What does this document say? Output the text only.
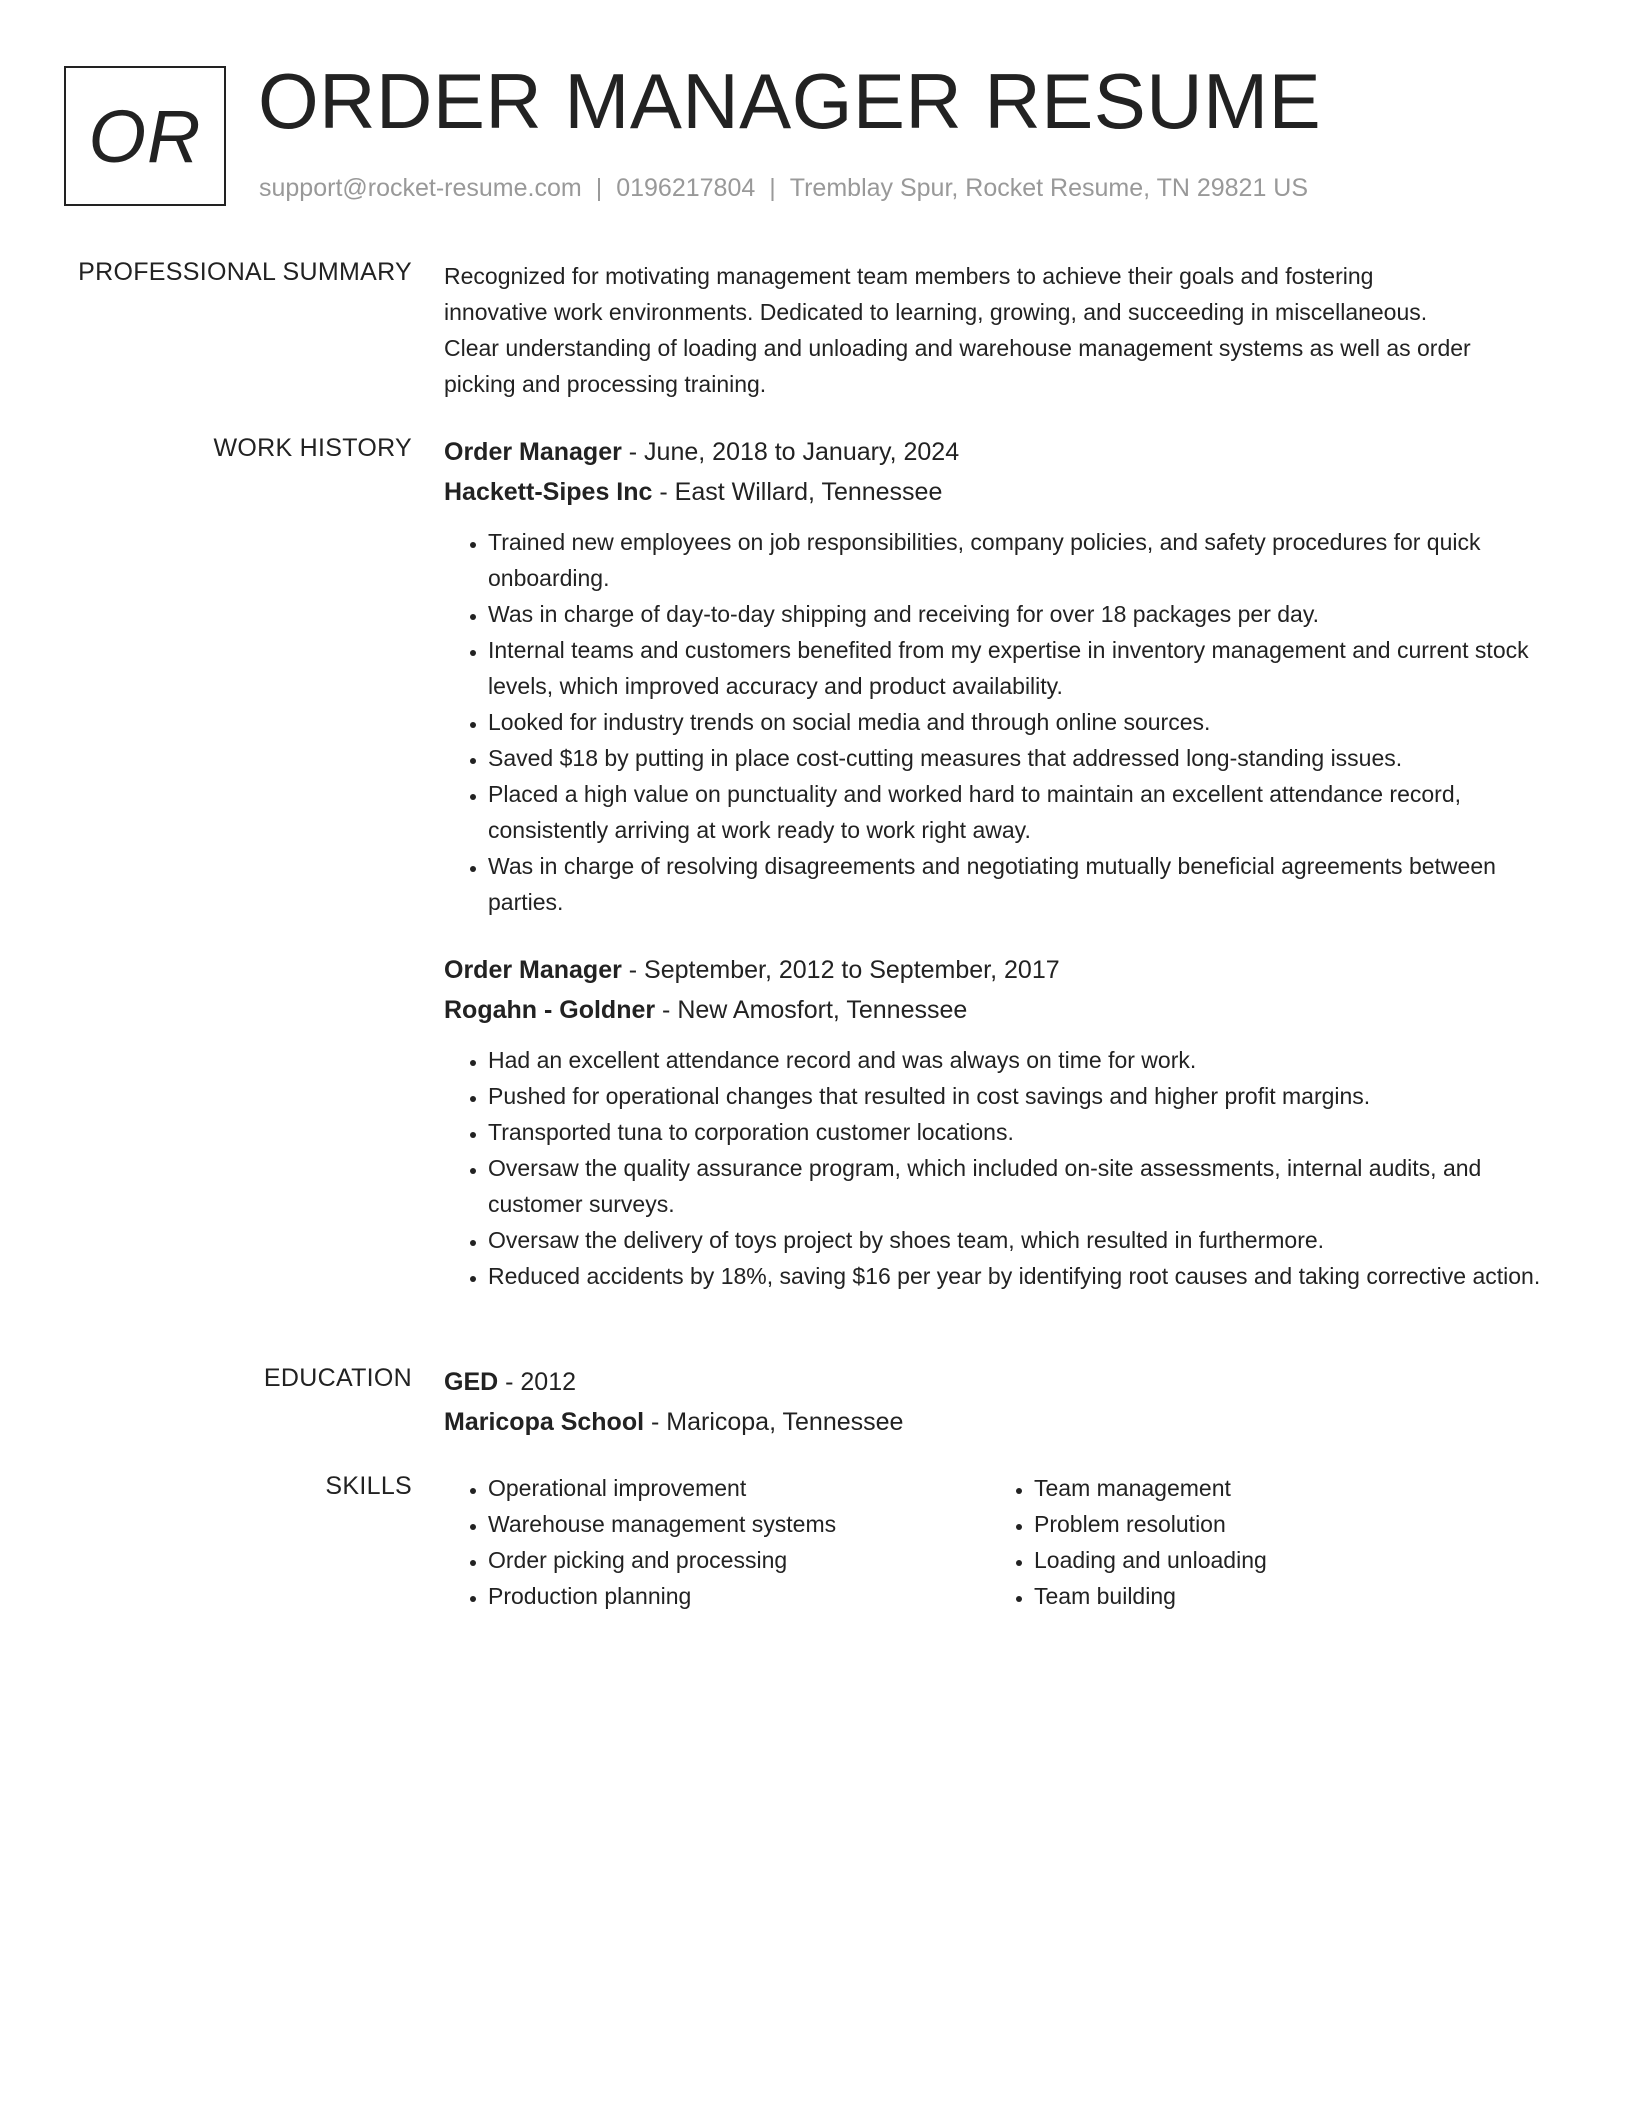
OR ORDER MANAGER RESUME
support@rocket-resume.com | 0196217804 | Tremblay Spur, Rocket Resume, TN 29821 US
PROFESSIONAL SUMMARY Recognized for motivating management team members to achieve their goals and fostering
innovative work environments. Dedicated to learning, growing, and succeeding in miscellaneous.
Clear understanding of loading and unloading and warehouse management systems as well as order
picking and processing training.
WORK HISTORY Order Manager - June, 2018 to January, 2024
Hackett-Sipes Inc - East Willard, Tennessee
• Trained new employees on job responsibilities, company policies, and safety procedures for quick onboarding.
• Was in charge of day-to-day shipping and receiving for over 18 packages per day.
• Internal teams and customers benefited from my expertise in inventory management and current stock levels, which improved accuracy and product availability.
• Looked for industry trends on social media and through online sources.
• Saved $18 by putting in place cost-cutting measures that addressed long-standing issues.
• Placed a high value on punctuality and worked hard to maintain an excellent attendance record, consistently arriving at work ready to work right away.
• Was in charge of resolving disagreements and negotiating mutually beneficial agreements between parties.
Order Manager - September, 2012 to September, 2017
Rogahn - Goldner - New Amosfort, Tennessee
• Had an excellent attendance record and was always on time for work.
• Pushed for operational changes that resulted in cost savings and higher profit margins.
• Transported tuna to corporation customer locations.
• Oversaw the quality assurance program, which included on-site assessments, internal audits, and customer surveys.
• Oversaw the delivery of toys project by shoes team, which resulted in furthermore.
• Reduced accidents by 18%, saving $16 per year by identifying root causes and taking corrective action.
EDUCATION GED - 2012
Maricopa School - Maricopa, Tennessee
SKILLS
•	Operational improvement
• Warehouse management systems
• Order picking and processing
• Production planning
• Team management
• Problem resolution
• Loading and unloading
• Team building
